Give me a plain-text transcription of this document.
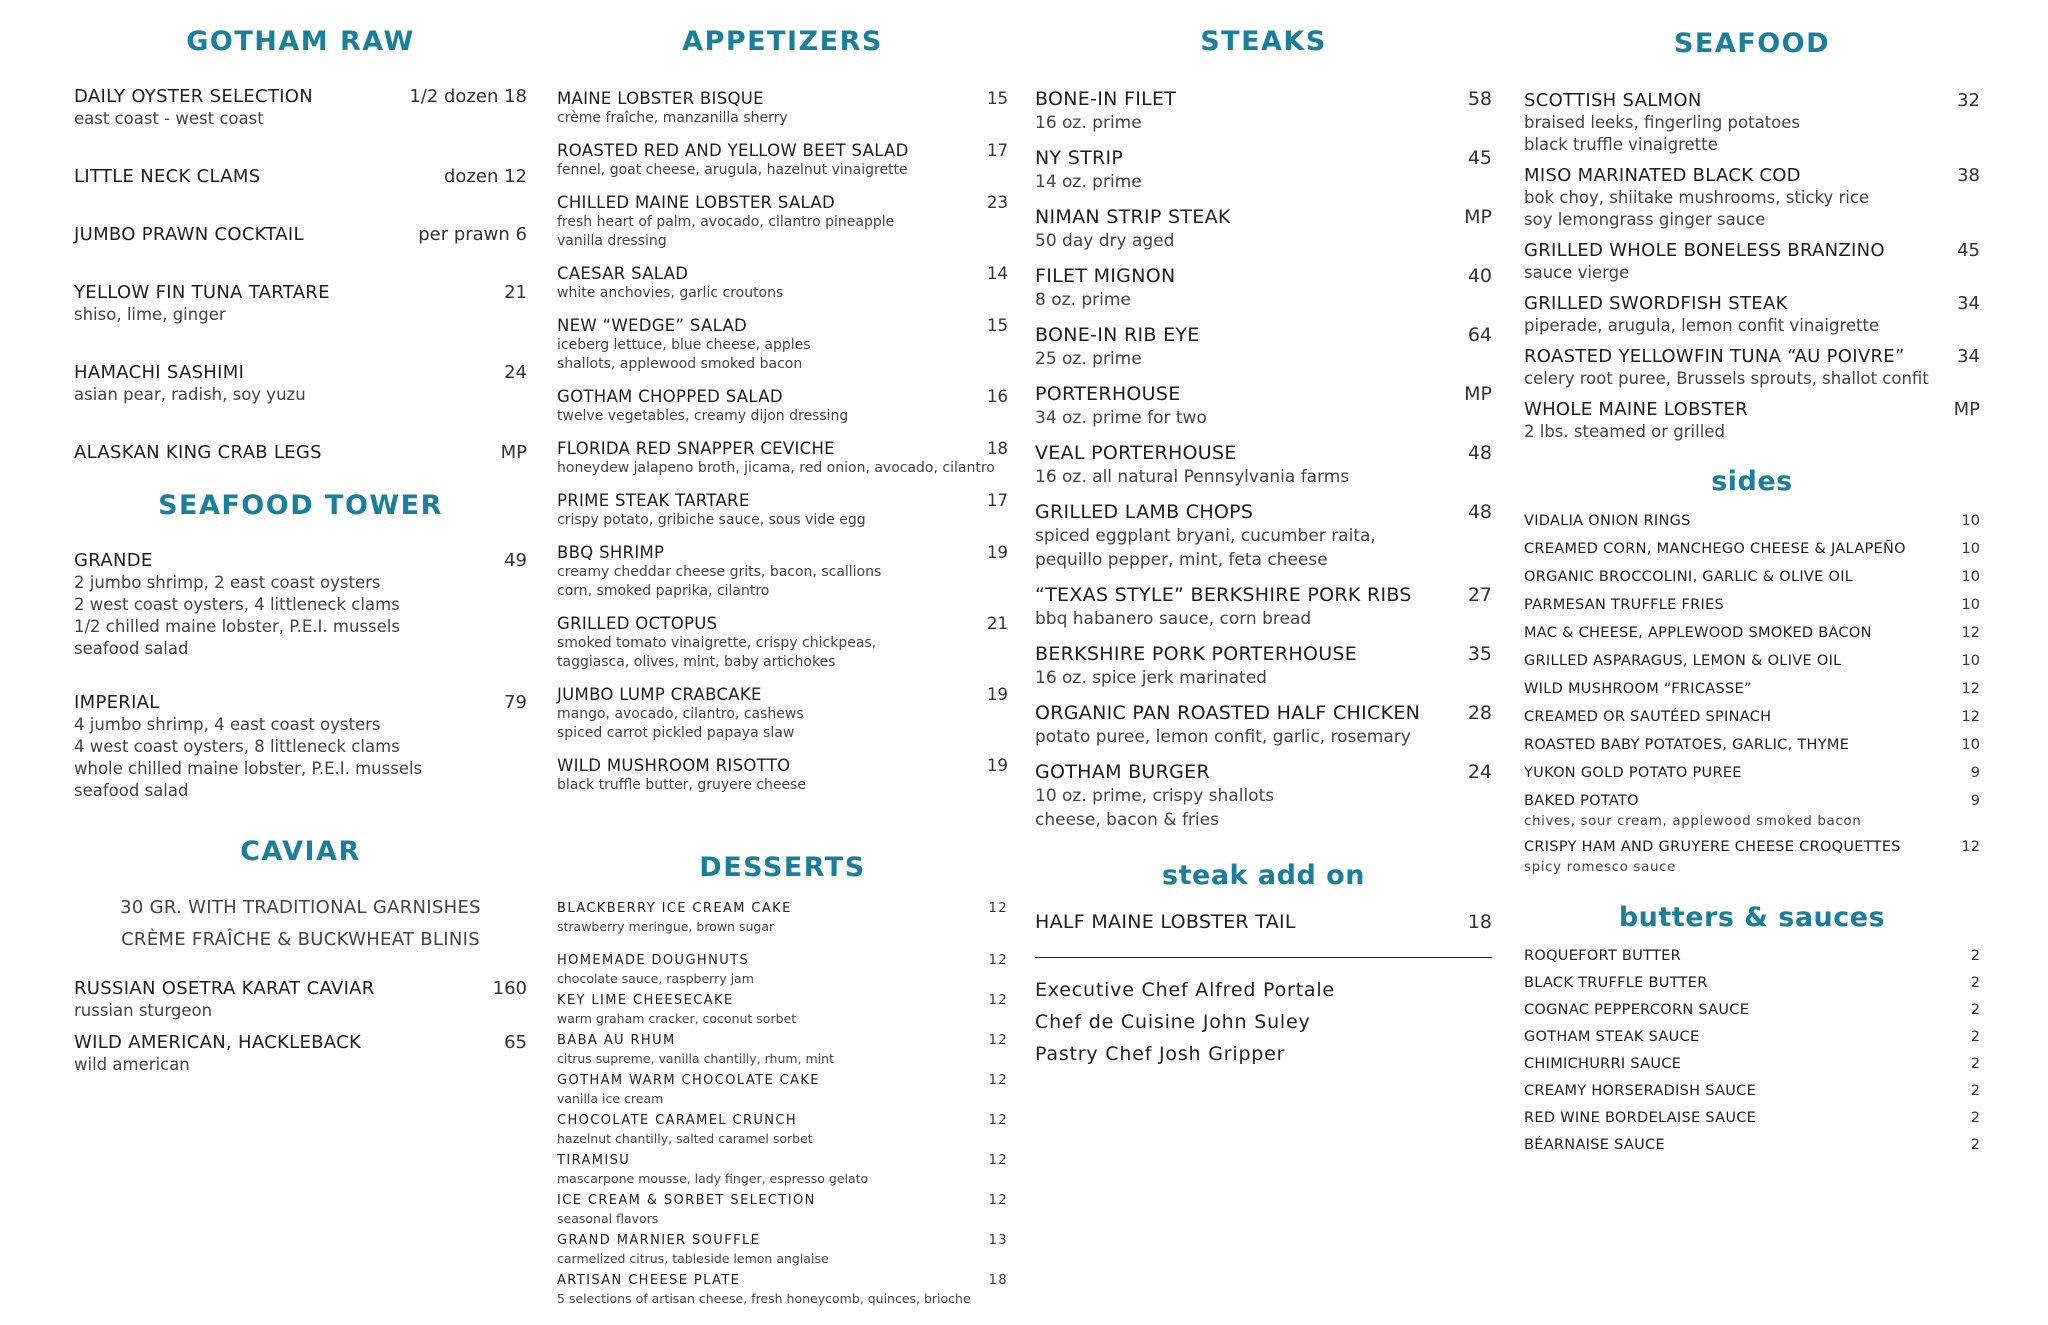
GOTHAM RAW
SEAFOOD TOWER
CAVIAR
30 GR. WITH TRADITIONAL GARNISHES
CRÈME FRAÎCHE & BUCKWHEAT BLINIS
APPETIZERS
DESSERTS
STEAKS
steak add on
Executive Chef Alfred Portale
Chef de Cuisine John Suley
Pastry Chef Josh Gripper
SEAFOOD
sides
butters & sauces
DAILY OYSTER SELECTION	1/2 dozen 18
east coast - west coast
LITTLE NECK CLAMS	dozen 12
JUMBO PRAWN COCKTAIL	per prawn 6
YELLOW FIN TUNA TARTARE	21
shiso, lime, ginger
HAMACHI SASHIMI	24
asian pear, radish, soy yuzu
ALASKAN KING CRAB LEGS	MP
GRANDE	49
2 jumbo shrimp, 2 east coast oysters
2 west coast oysters, 4 littleneck clams
1/2 chilled maine lobster, P.E.I. mussels
seafood salad
IMPERIAL	79
4 jumbo shrimp, 4 east coast oysters
4 west coast oysters, 8 littleneck clams
whole chilled maine lobster, P.E.I. mussels
seafood salad
RUSSIAN OSETRA KARAT CAVIAR	160
russian sturgeon
WILD AMERICAN, HACKLEBACK	65
wild american
MAINE LOBSTER BISQUE	15
crème fraîche, manzanilla sherry
ROASTED RED AND YELLOW BEET SALAD	17
fennel, goat cheese, arugula, hazelnut vinaigrette
CHILLED MAINE LOBSTER SALAD	23
fresh heart of palm, avocado, cilantro pineapple
vanilla dressing
CAESAR SALAD	14
white anchovies, garlic croutons
NEW “WEDGE” SALAD	15
iceberg lettuce, blue cheese, apples
shallots, applewood smoked bacon
GOTHAM CHOPPED SALAD	16
twelve vegetables, creamy dijon dressing
FLORIDA RED SNAPPER CEVICHE	18
honeydew jalapeno broth, jicama, red onion, avocado, cilantro
PRIME STEAK TARTARE	17
crispy potato, gribiche sauce, sous vide egg
BBQ SHRIMP	19
creamy cheddar cheese grits, bacon, scallions
corn, smoked paprika, cilantro
GRILLED OCTOPUS	21
smoked tomato vinaigrette, crispy chickpeas,
taggiasca, olives, mint, baby artichokes
JUMBO LUMP CRABCAKE	19
mango, avocado, cilantro, cashews
spiced carrot pickled papaya slaw
WILD MUSHROOM RISOTTO	19
black truffle butter, gruyere cheese
BLACKBERRY ICE CREAM CAKE	12
strawberry meringue, brown sugar
HOMEMADE DOUGHNUTS	12
chocolate sauce, raspberry jam
KEY LIME CHEESECAKE	12
warm graham cracker, coconut sorbet
BABA AU RHUM	12
citrus supreme, vanilla chantilly, rhum, mint
GOTHAM WARM CHOCOLATE CAKE	12
vanilla ice cream
CHOCOLATE CARAMEL CRUNCH	12
hazelnut chantilly, salted caramel sorbet
TIRAMISU	12
mascarpone mousse, lady finger, espresso gelato
ICE CREAM & SORBET SELECTION	12
seasonal flavors
GRAND MARNIER SOUFFLE	13
carmelized citrus, tableside lemon anglaise
ARTISAN CHEESE PLATE	18
5 selections of artisan cheese, fresh honeycomb, quinces, brioche
BONE-IN FILET	58
16 oz. prime
NY STRIP	45
14 oz. prime
NIMAN STRIP STEAK	MP
50 day dry aged
FILET MIGNON	40
8 oz. prime
BONE-IN RIB EYE	64
25 oz. prime
PORTERHOUSE	MP
34 oz. prime for two
VEAL PORTERHOUSE	48
16 oz. all natural Pennsylvania farms
GRILLED LAMB CHOPS	48
spiced eggplant bryani, cucumber raita,
pequillo pepper, mint, feta cheese
“TEXAS STYLE” BERKSHIRE PORK RIBS	27
bbq habanero sauce, corn bread
BERKSHIRE PORK PORTERHOUSE	35
16 oz. spice jerk marinated
ORGANIC PAN ROASTED HALF CHICKEN	28
potato puree, lemon confit, garlic, rosemary
GOTHAM BURGER	24
10 oz. prime, crispy shallots
cheese, bacon & fries
HALF MAINE LOBSTER TAIL	18
SCOTTISH SALMON	32
braised leeks, fingerling potatoes
black truffle vinaigrette
MISO MARINATED BLACK COD	38
bok choy, shiitake mushrooms, sticky rice
soy lemongrass ginger sauce
GRILLED WHOLE BONELESS BRANZINO	45
sauce vierge
GRILLED SWORDFISH STEAK	34
piperade, arugula, lemon confit vinaigrette
ROASTED YELLOWFIN TUNA “AU POIVRE”	34
celery root puree, Brussels sprouts, shallot confit
WHOLE MAINE LOBSTER	MP
2 lbs. steamed or grilled
VIDALIA ONION RINGS	10
CREAMED CORN, MANCHEGO CHEESE & JALAPEÑO	10
ORGANIC BROCCOLINI, GARLIC & OLIVE OIL	10
PARMESAN TRUFFLE FRIES	10
MAC & CHEESE, APPLEWOOD SMOKED BACON	12
GRILLED ASPARAGUS, LEMON & OLIVE OIL	10
WILD MUSHROOM “FRICASSE”	12
CREAMED OR SAUTÉED SPINACH	12
ROASTED BABY POTATOES, GARLIC, THYME	10
YUKON GOLD POTATO PUREE	9
BAKED POTATO	9
chives, sour cream, applewood smoked bacon
CRISPY HAM AND GRUYERE CHEESE CROQUETTES	12
spicy romesco sauce
ROQUEFORT BUTTER	2
BLACK TRUFFLE BUTTER	2
COGNAC PEPPERCORN SAUCE	2
GOTHAM STEAK SAUCE	2
CHIMICHURRI SAUCE	2
CREAMY HORSERADISH SAUCE	2
RED WINE BORDELAISE SAUCE	2
BÉARNAISE SAUCE	2
